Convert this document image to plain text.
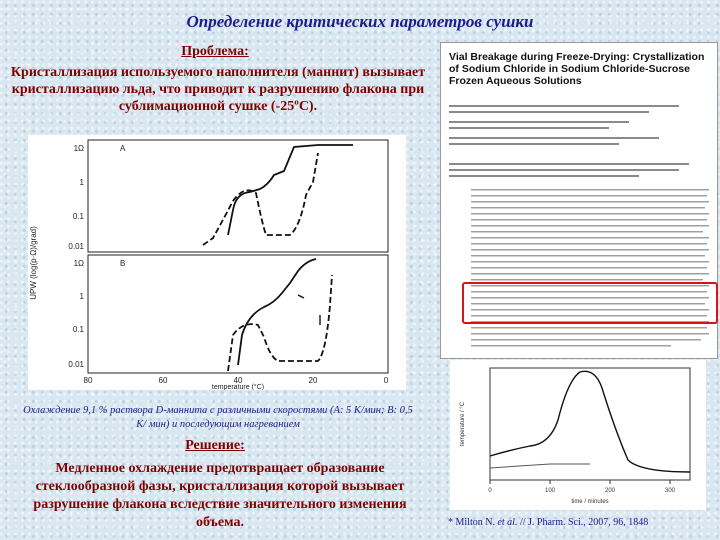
Определение критических параметров сушки
Проблема:
Кристаллизация используемого наполнителя (маннит) вызывает кристаллизацию льда, что приводит к разрушению флакона при сублимационной сушке (-25ºC).
UPW (log(p·Ω)/grad)
A
1Ω
1
0.1
0.01
B
1Ω
1
0.1
0.01
80	60	40	20	0
temperature (°C)
Охлаждение 9,1 % раствора D-маннита с различными скоростями (А: 5 K/мин; В: 0,5 K/ мин) и последующим нагреванием
Решение:
Медленное охлаждение предотвращает образование стеклообразной фазы, кристаллизация которой вызывает разрушение флакона вследствие значительного изменения объема.
Vial Breakage during Freeze-Drying: Crystallization of Sodium Chloride in Sodium Chloride-Sucrose Frozen Aqueous Solutions
temperature / °C
0	100	200	300
time / minutes
* Milton N. et al. // J. Pharm. Sci., 2007, 96, 1848
